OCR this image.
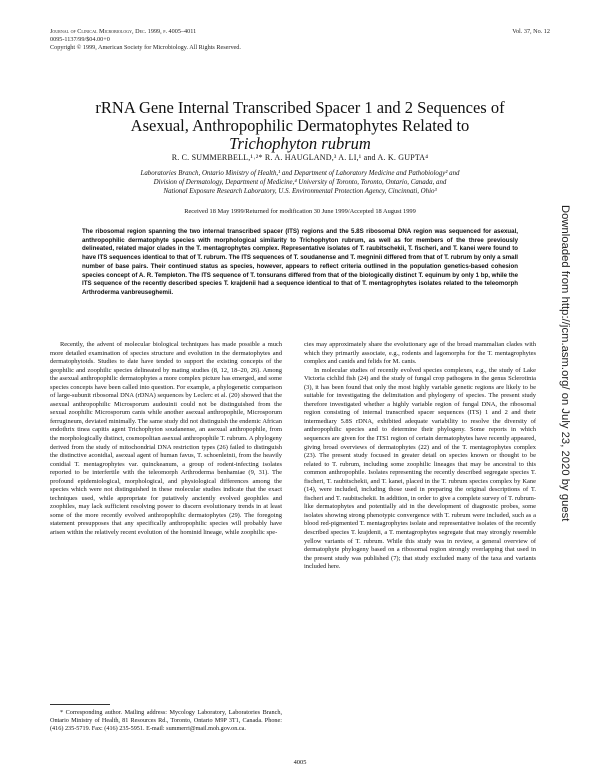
Journal of Clinical Microbiology, Dec. 1999, p. 4005–4011
0095-1137/99/$04.00+0
Copyright © 1999, American Society for Microbiology. All Rights Reserved.
Vol. 37, No. 12
rRNA Gene Internal Transcribed Spacer 1 and 2 Sequences of
Asexual, Anthropophilic Dermatophytes Related to
Trichophyton rubrum
R. C. SUMMERBELL,¹˒²* R. A. HAUGLAND,³ A. LI,¹ and A. K. GUPTA⁴
Laboratories Branch, Ontario Ministry of Health,¹ and Department of Laboratory Medicine and Pathobiology² and
Division of Dermatology, Department of Medicine,⁴ University of Toronto, Toronto, Ontario, Canada, and
National Exposure Research Laboratory, U.S. Environmental Protection Agency, Cincinnati, Ohio³
Received 18 May 1999/Returned for modification 30 June 1999/Accepted 18 August 1999
The ribosomal region spanning the two internal transcribed spacer (ITS) regions and the 5.8S ribosomal DNA region was sequenced for asexual, anthropophilic dermatophyte species with morphological similarity to Trichophyton rubrum, as well as for members of the three previously delineated, related major clades in the T. mentagrophytes complex. Representative isolates of T. raubitschekii, T. fischeri, and T. kanei were found to have ITS sequences identical to that of T. rubrum. The ITS sequences of T. soudanense and T. megninii differed from that of T. rubrum by only a small number of base pairs. Their continued status as species, however, appears to reflect criteria outlined in the population genetics-based cohesion species concept of A. R. Templeton. The ITS sequence of T. tonsurans differed from that of the biologically distinct T. equinum by only 1 bp, while the ITS sequence of the recently described species T. krajdenii had a sequence identical to that of T. mentagrophytes isolates related to the teleomorph Arthroderma vanbreuseghemii.

Recently, the advent of molecular biological techniques has made possible a much more detailed examination of species structure and evolution in the dermatophytes and dermatophytoids. Studies to date have tended to support the existing concepts of the geophilic and zoophilic species delineated by mating studies (8, 12, 18–20, 26). Among the asexual anthropophilic dermatophytes a more complex picture has emerged, and some species concepts have been called into question. For example, a phylogenetic comparison of large-subunit ribosomal DNA (rDNA) sequences by Leclerc et al. (20) showed that the asexual anthropophilic Microsporum audouinii could not be distinguished from the sexual zoophilic Microsporum canis while another asexual anthropophile, Microsporum ferrugineum, deviated minimally. The same study did not distinguish the endemic African endothrix tinea capitis agent Trichophyton soudanense, an asexual anthropophile, from the morphologically distinct, cosmopolitan asexual anthropophile T. rubrum. A phylogeny derived from the study of mitochondrial DNA restriction types (26) failed to distinguish the distinctive aconidial, asexual agent of human favus, T. schoenleinii, from the heavily conidial T. mentagrophytes var. quinckeanum, a group of rodent-infecting isolates reported to be interfertile with the teleomorph Arthroderma benhamiae (9, 31). The profound epidemiological, morphological, and physiological differences among the species which were not distinguished in these molecular studies indicate that the exact techniques used, while appropriate for putatively anciently evolved geophiles and zoophiles, may lack sufficient resolving power to discern evolutionary trends in at least some of the more recently evolved anthropophilic dermatophytes (29). The foregoing statement presupposes that any specifically anthropophilic species will probably have arisen within the relatively recent evolution of the hominid lineage, while zoophilic spe-

cies may approximately share the evolutionary age of the broad mammalian clades with which they primarily associate, e.g., rodents and lagomorphs for the T. mentagrophytes complex and canids and felids for M. canis.

In molecular studies of recently evolved species complexes, e.g., the study of Lake Victoria cichlid fish (24) and the study of fungal crop pathogens in the genus Sclerotinia (3), it has been found that only the most highly variable genetic regions are likely to be suitable for investigating the delimitation and phylogeny of species. The present study therefore investigated whether a highly variable region of fungal DNA, the ribosomal region consisting of internal transcribed spacer sequences (ITS) 1 and 2 and their intermediary 5.8S rDNA, exhibited adequate variability to resolve the diversity of anthropophilic species and to determine their phylogeny. Some reports in which sequences are given for the ITS1 region of certain dermatophytes have recently appeared, giving broad overviews of dermatophytes (22) and of the T. mentagrophytes complex (23). The present study focused in greater detail on species known or thought to be related to T. rubrum, including some zoophilic lineages that may be ancestral to this common anthropophile. Isolates representing the recently described segregate species T. fischeri, T. raubitschekii, and T. kanei, placed in the T. rubrum species complex by Kane (14), were included, including those used in preparing the original descriptions of T. fischeri and T. raubitschekii. In addition, in order to give a complete survey of T. rubrum-like dermatophytes and potentially aid in the development of diagnostic probes, some isolates showing strong phenotypic convergence with T. rubrum were included, such as a blood red-pigmented T. mentagrophytes isolate and representative isolates of the recently described species T. krajdenii, a T. mentagrophytes segregate that may strongly resemble yellow variants of T. rubrum. While this study was in review, a general overview of dermatophyte phylogeny based on a ribosomal region strongly overlapping that used in the present study was published (7); that study excluded many of the taxa and variants included here.

* Corresponding author. Mailing address: Mycology Laboratory, Laboratories Branch, Ontario Ministry of Health, 81 Resources Rd., Toronto, Ontario M9P 3T1, Canada. Phone: (416) 235-5719. Fax: (416) 235-5951. E-mail: summerri@mail.moh.gov.on.ca.
4005
Downloaded from http://jcm.asm.org/ on July 23, 2020 by guest
